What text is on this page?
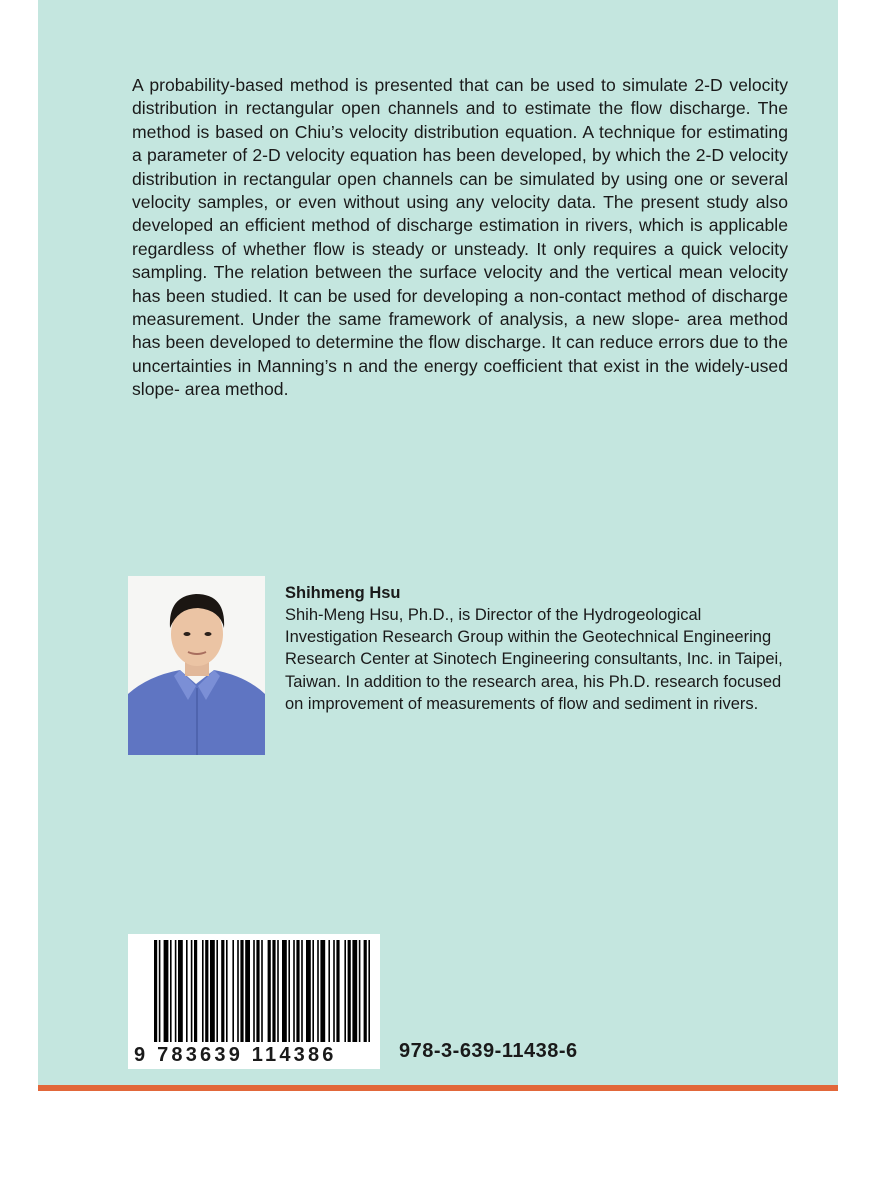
A probability-based method is presented that can be used to simulate 2-D velocity distribution in rectangular open channels and to estimate the flow discharge. The method is based on Chiu’s velocity distribution equation. A technique for estimating a parameter of 2-D velocity equation has been developed, by which the 2-D velocity distribution in rectangular open channels can be simulated by using one or several velocity samples, or even without using any velocity data. The present study also developed an efficient method of discharge estimation in rivers, which is applicable regardless of whether flow is steady or unsteady. It only requires a quick velocity sampling. The relation between the surface velocity and the vertical mean velocity has been studied. It can be used for developing a non-contact method of discharge measurement. Under the same framework of analysis, a new slope- area method has been developed to determine the flow discharge. It can reduce errors due to the uncertainties in Manning’s n and the energy coefficient that exist in the widely-used slope- area method.

Shihmeng Hsu

Shih-Meng Hsu, Ph.D., is Director of the Hydrogeological Investigation Research Group within the Geotechnical Engineering Research Center at Sinotech Engineering consultants, Inc. in Taipei, Taiwan. In addition to the research area, his Ph.D. research focused on improvement of measurements of flow and sediment in rivers.

9 783639 114386	978-3-639-11438-6
